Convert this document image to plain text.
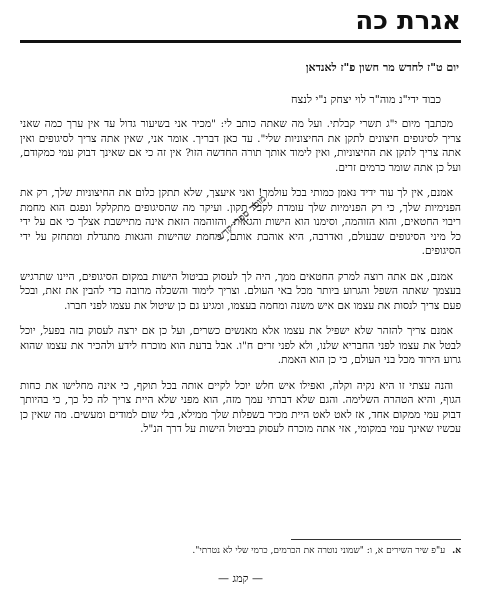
אגרת כה
יום ט"ז לחדש מר חשון פ"ז לאנדאן
כבוד ידי"נ מוה"ר לוי יצחק נ"י לנצח

מכתבך מיום י"ג תשרי קבלתי. ועל מה שאתה כותב לי: "מכיר אני בשיעור גדול עד אין ערך כמה שאני צריך לסיגופים חיצונים לתקן את החיצוניות שלי". עד כאן דבריך. אומר אני, שאין אתה צריך לסיגופים ואין אתה צריך לתקן את החיצוניות, ואין לימוד אותך תורה החדשה הזו? אין זה כי אם שאינך דבוק עמי כמקודם, ועל כן אתה שומר כרמים זרים.

אמנם, אין לך עוד ידיד נאמן כמותי בכל עולמך! ואני איעצך, שלא תתקן כלום את החיצוניות שלך, רק את הפנימיות שלך, כי רק הפנימיות שלך עומדת לקבל תקון. ועיקר מה שהסיגופים מתקלקל ונפגם הוא מחמת ריבוי החטאים, והוא הזוהמה, וסימנו הוא הישות והגאות, והזוהמה הזאת אינה מתיישבת אצלך כי אם על ידי כל מיני הסיגופים שבעולם, ואדרבה, היא אוהבת אותם, מחמת שהישות והגאות מתגדלת ומתחזק על ידי הסיגופים.

אמנם, אם אתה רוצה למרק החטאים ממך, היה לך לעסוק בביטול הישות במקום הסיגופים, היינו שתרגיש בעצמך שאתה השפל והגרוע ביותר מכל באי העולם. וצריך לימוד והשכלה מרובה כדי להבין את זאת, ובכל פעם צריך לנסות את עצמו אם איש משנה ומחמה בעצמו, ומגיע גם כן שיטול את עצמו לפני חברו.

אמנם צריך להזהר שלא ישפיל את עצמו אלא מאנשים כשרים, ועל כן אם ירצה לעסוק בזה בפעל, יוכל לבטל את עצמו לפני החבריא שלנו, ולא לפני זרים ח"ו. אבל בדעת הוא מוכרח לידע ולהכיר את עצמו שהוא גרוע הירוד מכל בני העולם, כי כן הוא האמת.

והנה עצתי זו היא נקיה וקלה, ואפילו איש חלש יוכל לקיים אותה בכל תוקף, כי אינה מחלישו את כחות הגוף, והיא הטהרה השלימה. והגם שלא דברתי עמך מזה, הוא מפני שלא היית צריך לה כל כך, כי בהיותך דבוק עמי ממקום אחד, אז לאט לאט היית מכיר בשפלות שלך ממילא, בלי שום למודים ומעשים. מה שאין כן עכשיו שאינך עמי במקומי, אזי אתה מוכרח לעסוק בביטול הישות על דרך הנ"ל.

מוסד ספרי קדש
א. ע"פ שיר השירים א, ו: "שמוני נוטרה את הכרמים, כרמי שלי לא נטרתי".
— קמג —
